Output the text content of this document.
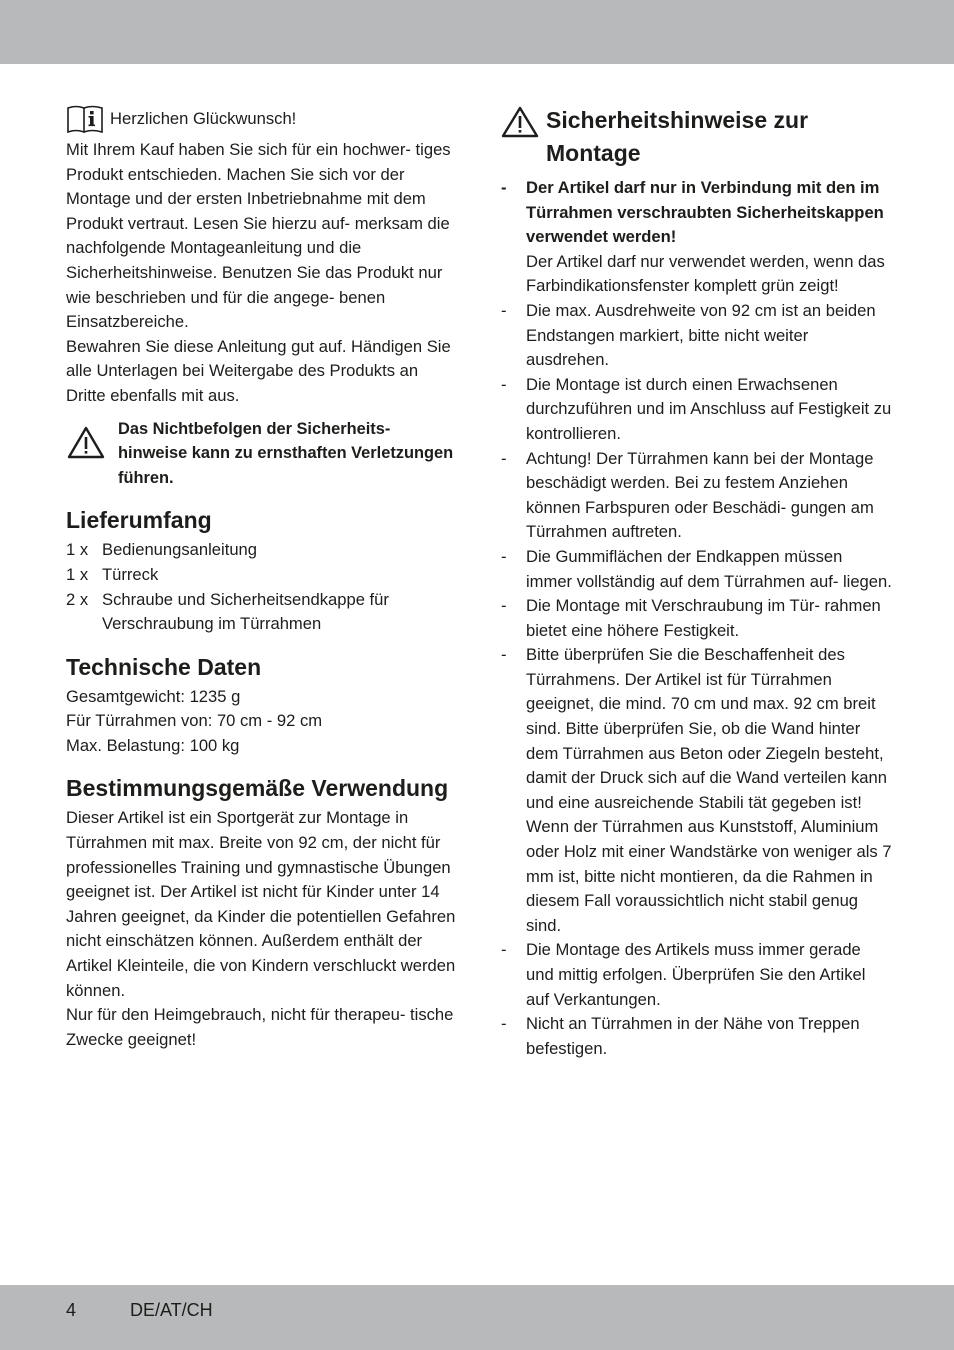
Herzlichen Glückwunsch!

Mit Ihrem Kauf haben Sie sich für ein hochwer- tiges Produkt entschieden. Machen Sie sich vor der Montage und der ersten Inbetriebnahme mit dem Produkt vertraut. Lesen Sie hierzu auf- merksam die nachfolgende Montageanleitung und die Sicherheitshinweise. Benutzen Sie das Produkt nur wie beschrieben und für die angege- benen Einsatzbereiche.

Bewahren Sie diese Anleitung gut auf. Händigen Sie alle Unterlagen bei Weitergabe des Produkts an Dritte ebenfalls mit aus.

Das Nichtbefolgen der Sicherheits- hinweise kann zu ernsthaften Verletzungen führen.

Lieferumfang
1 x Bedienungsanleitung
1 x Türreck
2 x Schraube und Sicherheitsendkappe für Verschraubung im Türrahmen
Technische Daten

Gesamtgewicht: 1235 g

Für Türrahmen von: 70 cm - 92 cm

Max. Belastung: 100 kg

Bestimmungsgemäße Verwendung

Dieser Artikel ist ein Sportgerät zur Montage in Türrahmen mit max. Breite von 92 cm, der nicht für professionelles Training und gymnastische Übungen geeignet ist. Der Artikel ist nicht für Kinder unter 14 Jahren geeignet, da Kinder die potentiellen Gefahren nicht einschätzen können. Außerdem enthält der Artikel Kleinteile, die von Kindern verschluckt werden können.

Nur für den Heimgebrauch, nicht für therapeu- tische Zwecke geeignet!

Sicherheitshinweise zur Montage
-	Der Artikel darf nur in Verbindung mit den im Türrahmen verschraubten Sicherheitskappen verwendet werden!
Der Artikel darf nur verwendet werden, wenn das Farbindikationsfenster komplett grün zeigt!
-	Die max. Ausdrehweite von 92 cm ist an beiden Endstangen markiert, bitte nicht weiter ausdrehen.
-	Die Montage ist durch einen Erwachsenen durchzuführen und im Anschluss auf Festigkeit zu kontrollieren.
-	Achtung! Der Türrahmen kann bei der Montage beschädigt werden. Bei zu festem Anziehen können Farbspuren oder Beschädi- gungen am Türrahmen auftreten.
-	Die Gummiflächen der Endkappen müssen immer vollständig auf dem Türrahmen auf- liegen.
-	Die Montage mit Verschraubung im Tür- rahmen bietet eine höhere Festigkeit.
-	Bitte überprüfen Sie die Beschaffenheit des Türrahmens. Der Artikel ist für Türrahmen geeignet, die mind. 70 cm und max. 92 cm breit sind. Bitte überprüfen Sie, ob die Wand hinter dem Türrahmen aus Beton oder Ziegeln besteht, damit der Druck sich auf die Wand verteilen kann und eine ausreichende Stabili tät gegeben ist! Wenn der Türrahmen aus Kunststoff, Aluminium oder Holz mit einer Wandstärke von weniger als 7 mm ist, bitte nicht montieren, da die Rahmen in diesem Fall voraussichtlich nicht stabil genug sind.
-	Die Montage des Artikels muss immer gerade und mittig erfolgen. Überprüfen Sie den Artikel auf Verkantungen.
-	Nicht an Türrahmen in der Nähe von Treppen befestigen.
4	DE/AT/CH
